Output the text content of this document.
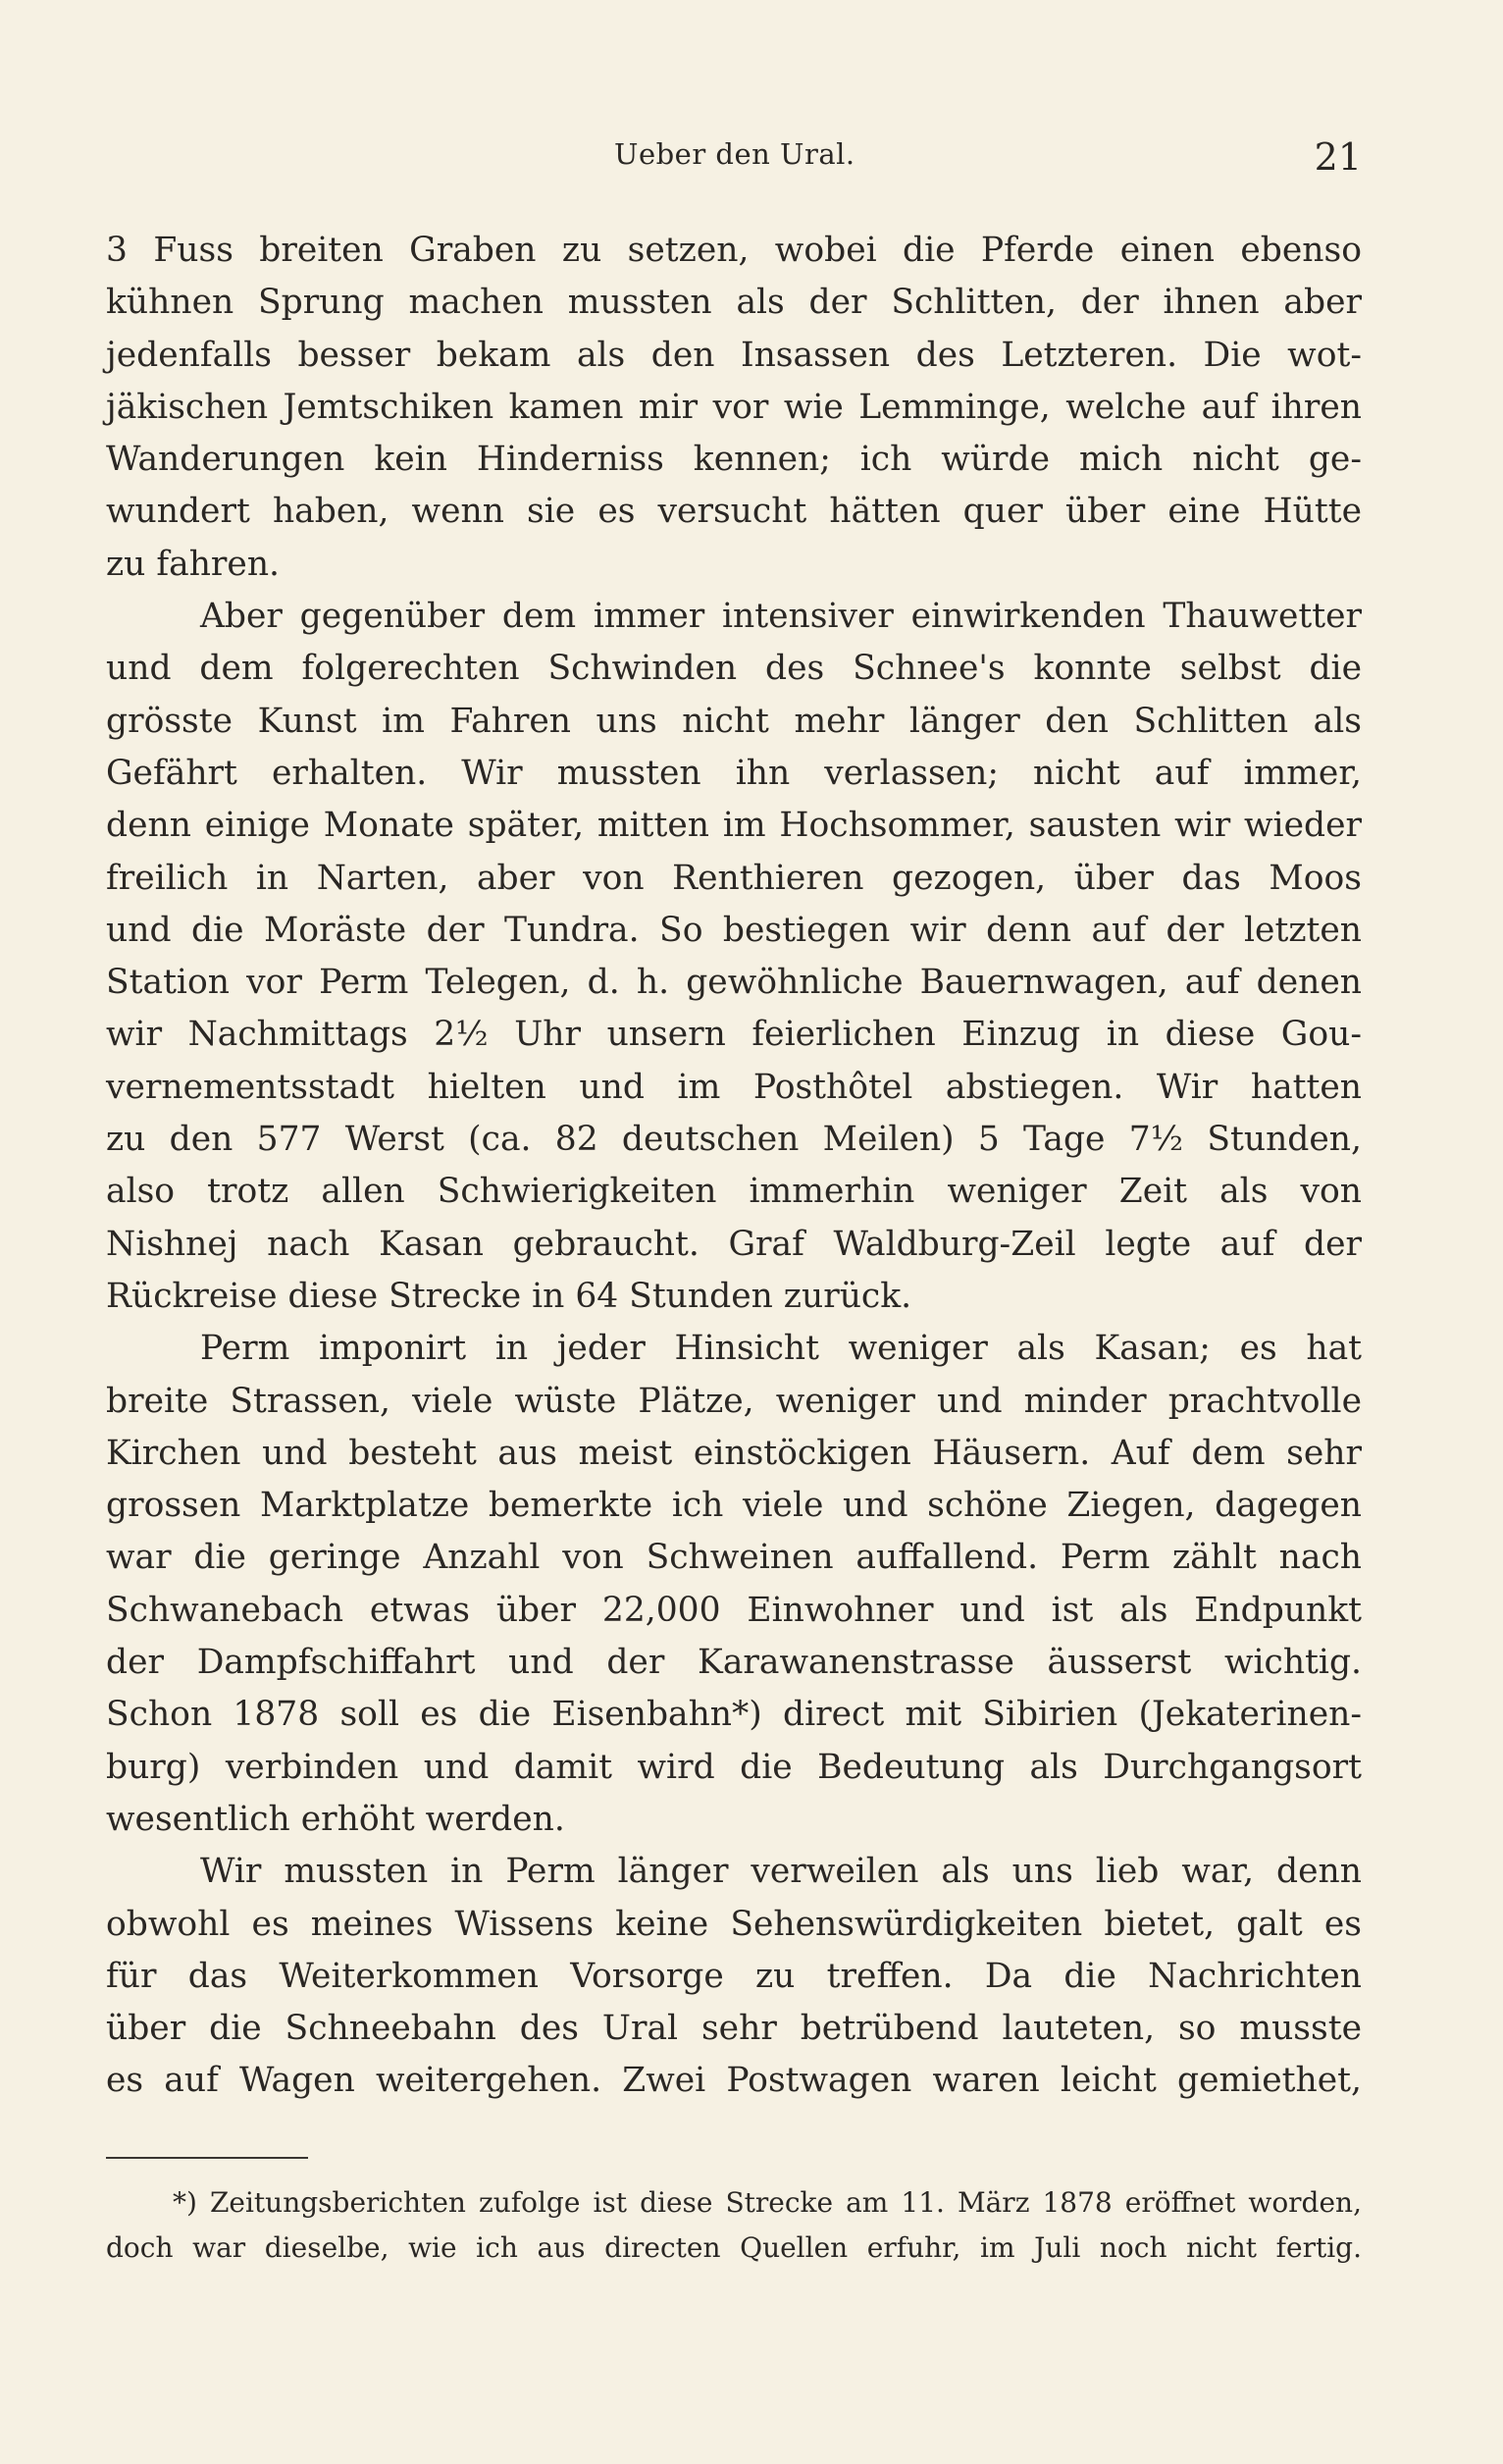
Ueber den Ural.	21
3 Fuss breiten Graben zu setzen, wobei die Pferde einen ebenso
kühnen Sprung machen mussten als der Schlitten, der ihnen aber
jedenfalls besser bekam als den Insassen des Letzteren. Die wot-
jäkischen Jemtschiken kamen mir vor wie Lemminge, welche auf ihren
Wanderungen kein Hinderniss kennen; ich würde mich nicht ge-
wundert haben, wenn sie es versucht hätten quer über eine Hütte
zu fahren.
Aber gegenüber dem immer intensiver einwirkenden Thauwetter
und dem folgerechten Schwinden des Schnee's konnte selbst die
grösste Kunst im Fahren uns nicht mehr länger den Schlitten als
Gefährt erhalten. Wir mussten ihn verlassen; nicht auf immer,
denn einige Monate später, mitten im Hochsommer, sausten wir wieder
freilich in Narten, aber von Renthieren gezogen, über das Moos
und die Moräste der Tundra. So bestiegen wir denn auf der letzten
Station vor Perm Telegen, d. h. gewöhnliche Bauernwagen, auf denen
wir Nachmittags 2½ Uhr unsern feierlichen Einzug in diese Gou-
vernementsstadt hielten und im Posthôtel abstiegen. Wir hatten
zu den 577 Werst (ca. 82 deutschen Meilen) 5 Tage 7½ Stunden,
also trotz allen Schwierigkeiten immerhin weniger Zeit als von
Nishnej nach Kasan gebraucht. Graf Waldburg-Zeil legte auf der
Rückreise diese Strecke in 64 Stunden zurück.
Perm imponirt in jeder Hinsicht weniger als Kasan; es hat
breite Strassen, viele wüste Plätze, weniger und minder prachtvolle
Kirchen und besteht aus meist einstöckigen Häusern. Auf dem sehr
grossen Marktplatze bemerkte ich viele und schöne Ziegen, dagegen
war die geringe Anzahl von Schweinen auffallend. Perm zählt nach
Schwanebach etwas über 22,000 Einwohner und ist als Endpunkt
der Dampfschiffahrt und der Karawanenstrasse äusserst wichtig.
Schon 1878 soll es die Eisenbahn*) direct mit Sibirien (Jekaterinen-
burg) verbinden und damit wird die Bedeutung als Durchgangsort
wesentlich erhöht werden.
Wir mussten in Perm länger verweilen als uns lieb war, denn
obwohl es meines Wissens keine Sehenswürdigkeiten bietet, galt es
für das Weiterkommen Vorsorge zu treffen. Da die Nachrichten
über die Schneebahn des Ural sehr betrübend lauteten, so musste
es auf Wagen weitergehen. Zwei Postwagen waren leicht gemiethet,
*) Zeitungsberichten zufolge ist diese Strecke am 11. März 1878 eröffnet worden,
doch war dieselbe, wie ich aus directen Quellen erfuhr, im Juli noch nicht fertig.
